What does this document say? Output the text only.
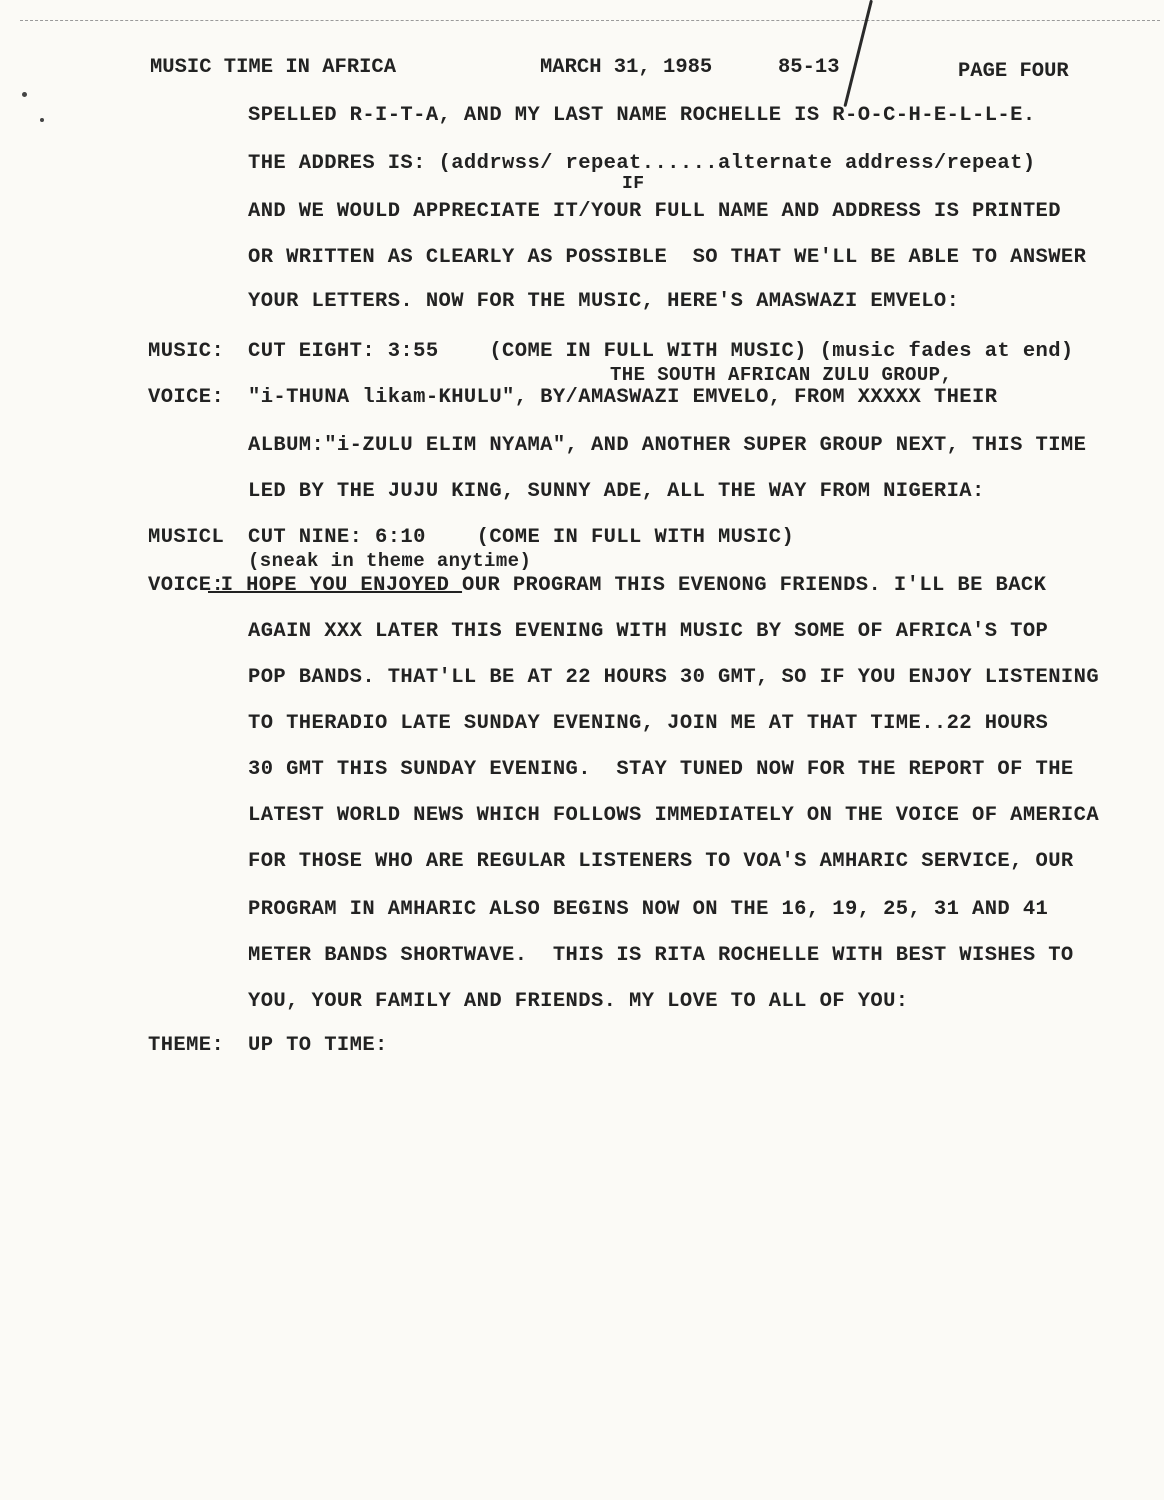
MUSIC TIME IN AFRICA	MARCH 31, 1985	85-13	PAGE FOUR
SPELLED R-I-T-A, AND MY LAST NAME ROCHELLE IS R-O-C-H-E-L-L-E.
THE ADDRES IS: (addrwss/ repeat......alternate address/repeat)
IF
AND WE WOULD APPRECIATE IT/YOUR FULL NAME AND ADDRESS IS PRINTED
OR WRITTEN AS CLEARLY AS POSSIBLE  SO THAT WE'LL BE ABLE TO ANSWER
YOUR LETTERS. NOW FOR THE MUSIC, HERE'S AMASWAZI EMVELO:
MUSIC: CUT EIGHT: 3:55    (COME IN FULL WITH MUSIC) (music fades at end)
THE SOUTH AFRICAN ZULU GROUP,
VOICE: "i-THUNA likam-KHULU", BY/AMASWAZI EMVELO, FROM XXXXX THEIR
ALBUM:"i-ZULU ELIM NYAMA", AND ANOTHER SUPER GROUP NEXT, THIS TIME
LED BY THE JUJU KING, SUNNY ADE, ALL THE WAY FROM NIGERIA:
MUSICL CUT NINE: 6:10    (COME IN FULL WITH MUSIC)
(sneak in theme anytime)
VOICE:
I HOPE YOU ENJOYED OUR PROGRAM THIS EVENONG FRIENDS. I'LL BE BACK
AGAIN XXX LATER THIS EVENING WITH MUSIC BY SOME OF AFRICA'S TOP
POP BANDS. THAT'LL BE AT 22 HOURS 30 GMT, SO IF YOU ENJOY LISTENING
TO THERADIO LATE SUNDAY EVENING, JOIN ME AT THAT TIME..22 HOURS
30 GMT THIS SUNDAY EVENING.  STAY TUNED NOW FOR THE REPORT OF THE
LATEST WORLD NEWS WHICH FOLLOWS IMMEDIATELY ON THE VOICE OF AMERICA
FOR THOSE WHO ARE REGULAR LISTENERS TO VOA'S AMHARIC SERVICE, OUR
PROGRAM IN AMHARIC ALSO BEGINS NOW ON THE 16, 19, 25, 31 AND 41
METER BANDS SHORTWAVE.  THIS IS RITA ROCHELLE WITH BEST WISHES TO
YOU, YOUR FAMILY AND FRIENDS. MY LOVE TO ALL OF YOU:
THEME: UP TO TIME:
